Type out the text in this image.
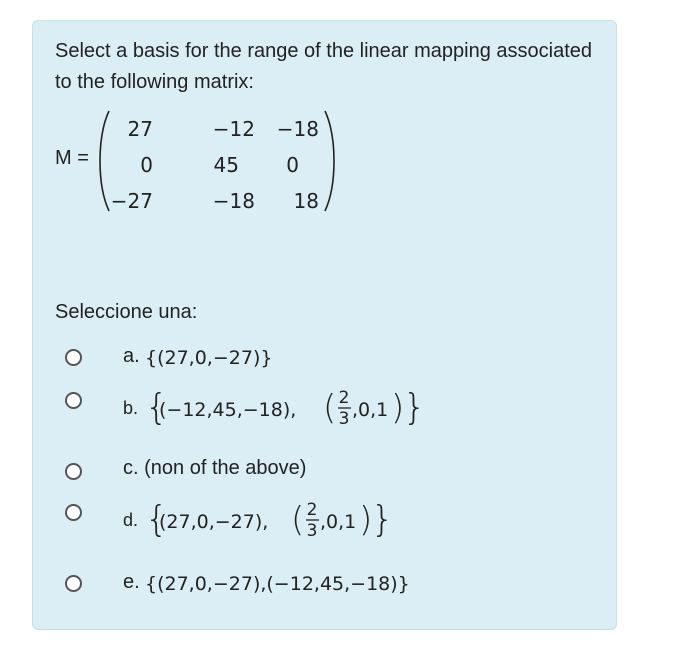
Select a basis for the range of the linear mapping associated to the following matrix:
M =
27	−12 −18
0	45 0
−27	−18 18
Seleccione una:
a. {(27,0,−27)}
b. {
(−12,45,−18), ( 2
3 ,0,1 )
}
c. (non of the above)
d. {
(27,0,−27), ( 2
3 ,0,1 )
}
e. {(27,0,−27),(−12,45,−18)}
